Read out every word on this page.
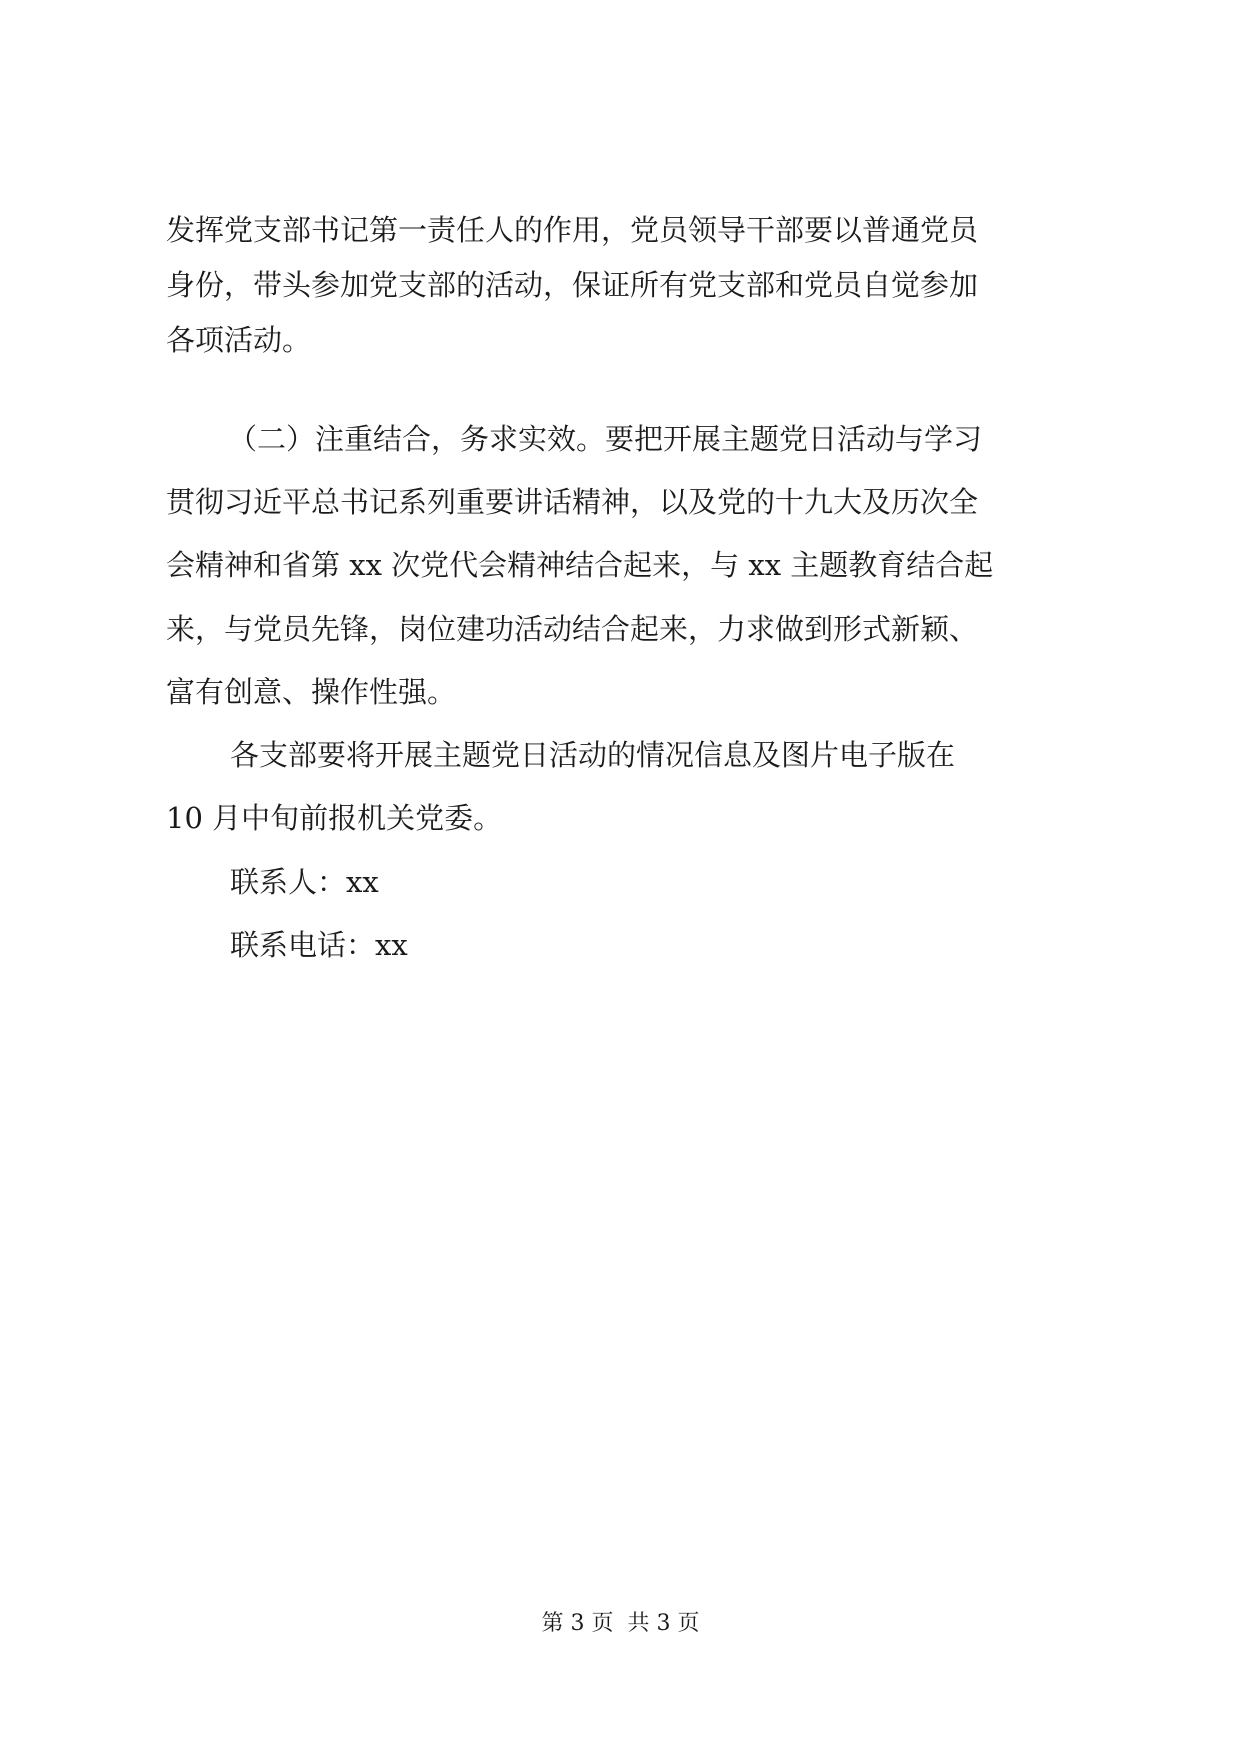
发挥党支部书记第一责任人的作用，党员领导干部要以普通党员
身份，带头参加党支部的活动，保证所有党支部和党员自觉参加
各项活动。
（二）注重结合，务求实效。要把开展主题党日活动与学习
贯彻习近平总书记系列重要讲话精神，以及党的十九大及历次全
会精神和省第 xx 次党代会精神结合起来，与 xx 主题教育结合起
来，与党员先锋，岗位建功活动结合起来，力求做到形式新颖、
富有创意、操作性强。
各支部要将开展主题党日活动的情况信息及图片电子版在
10 月中旬前报机关党委。
联系人：xx
联系电话：xx
第 3 页 共 3 页
